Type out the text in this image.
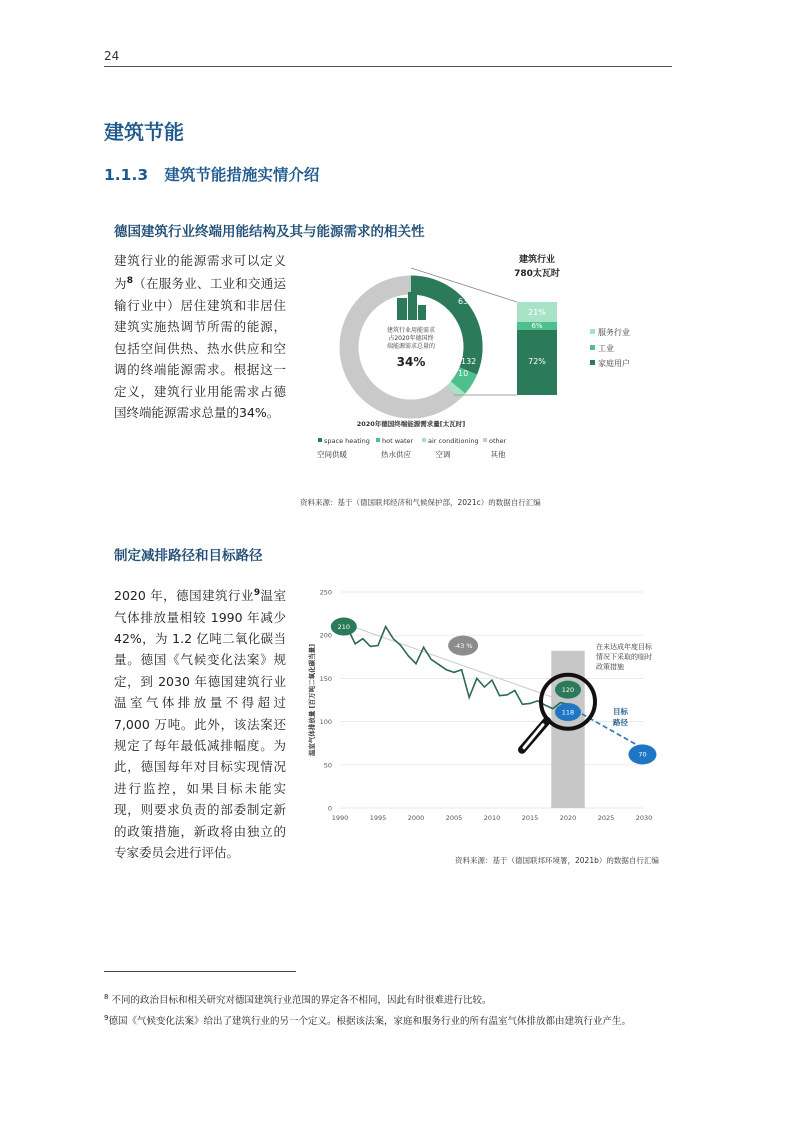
24
建筑节能
1.1.3 建筑节能措施实情介绍
德国建筑行业终端用能结构及其与能源需求的相关性
建筑行业的能源需求可以定义为$^8$（在服务业、工业和交通运输行业中）居住建筑和非居住建筑实施热调节所需的能源，包括空间供热、热水供应和空调的终端能源需求。根据这一定义，建筑行业用能需求占德国终端能源需求总量的34%。
638
132
10
建筑行业用能需求
占2020年德国终
端能源需求总量的
34%
建筑行业
780太瓦时
21%
6%
72%
服务行业
工业
家庭用户
2020年德国终端能源需求量[太瓦时]
space heating hot water air conditioning other
空间供暖	热水供应	空调	其他
资料来源：基于（德国联邦经济和气候保护部，2021c）的数据自行汇编
制定减排路径和目标路径
2020 年，德国建筑行业$^9$温室气体排放量相较 1990 年减少 42%，为 1.2 亿吨二氧化碳当量。德国《气候变化法案》规定，到 2030 年德国建筑行业温室气体排放量不得超过 7,000 万吨。此外，该法案还规定了每年最低减排幅度。为此，德国每年对目标实现情况进行监控，如果目标未能实现，则要求负责的部委制定新的政策措施，新政将由独立的专家委员会进行评估。
0
50
100
150
200
250
1990	1995	2000	2005	2010	2015	2020	2025	2030
温室气体排放量 [百万吨二氧化碳当量]
210
-43 %
120
118
70
在未达成年度目标
情况下采取的临时
政策措施
目标
路径
资料来源：基于（德国联邦环境署，2021b）的数据自行汇编
$^8$ 不同的政治目标和相关研究对德国建筑行业范围的界定各不相同，因此有时很难进行比较。
$^9$德国《气候变化法案》给出了建筑行业的另一个定义。根据该法案，家庭和服务行业的所有温室气体排放都由建筑行业产生。
